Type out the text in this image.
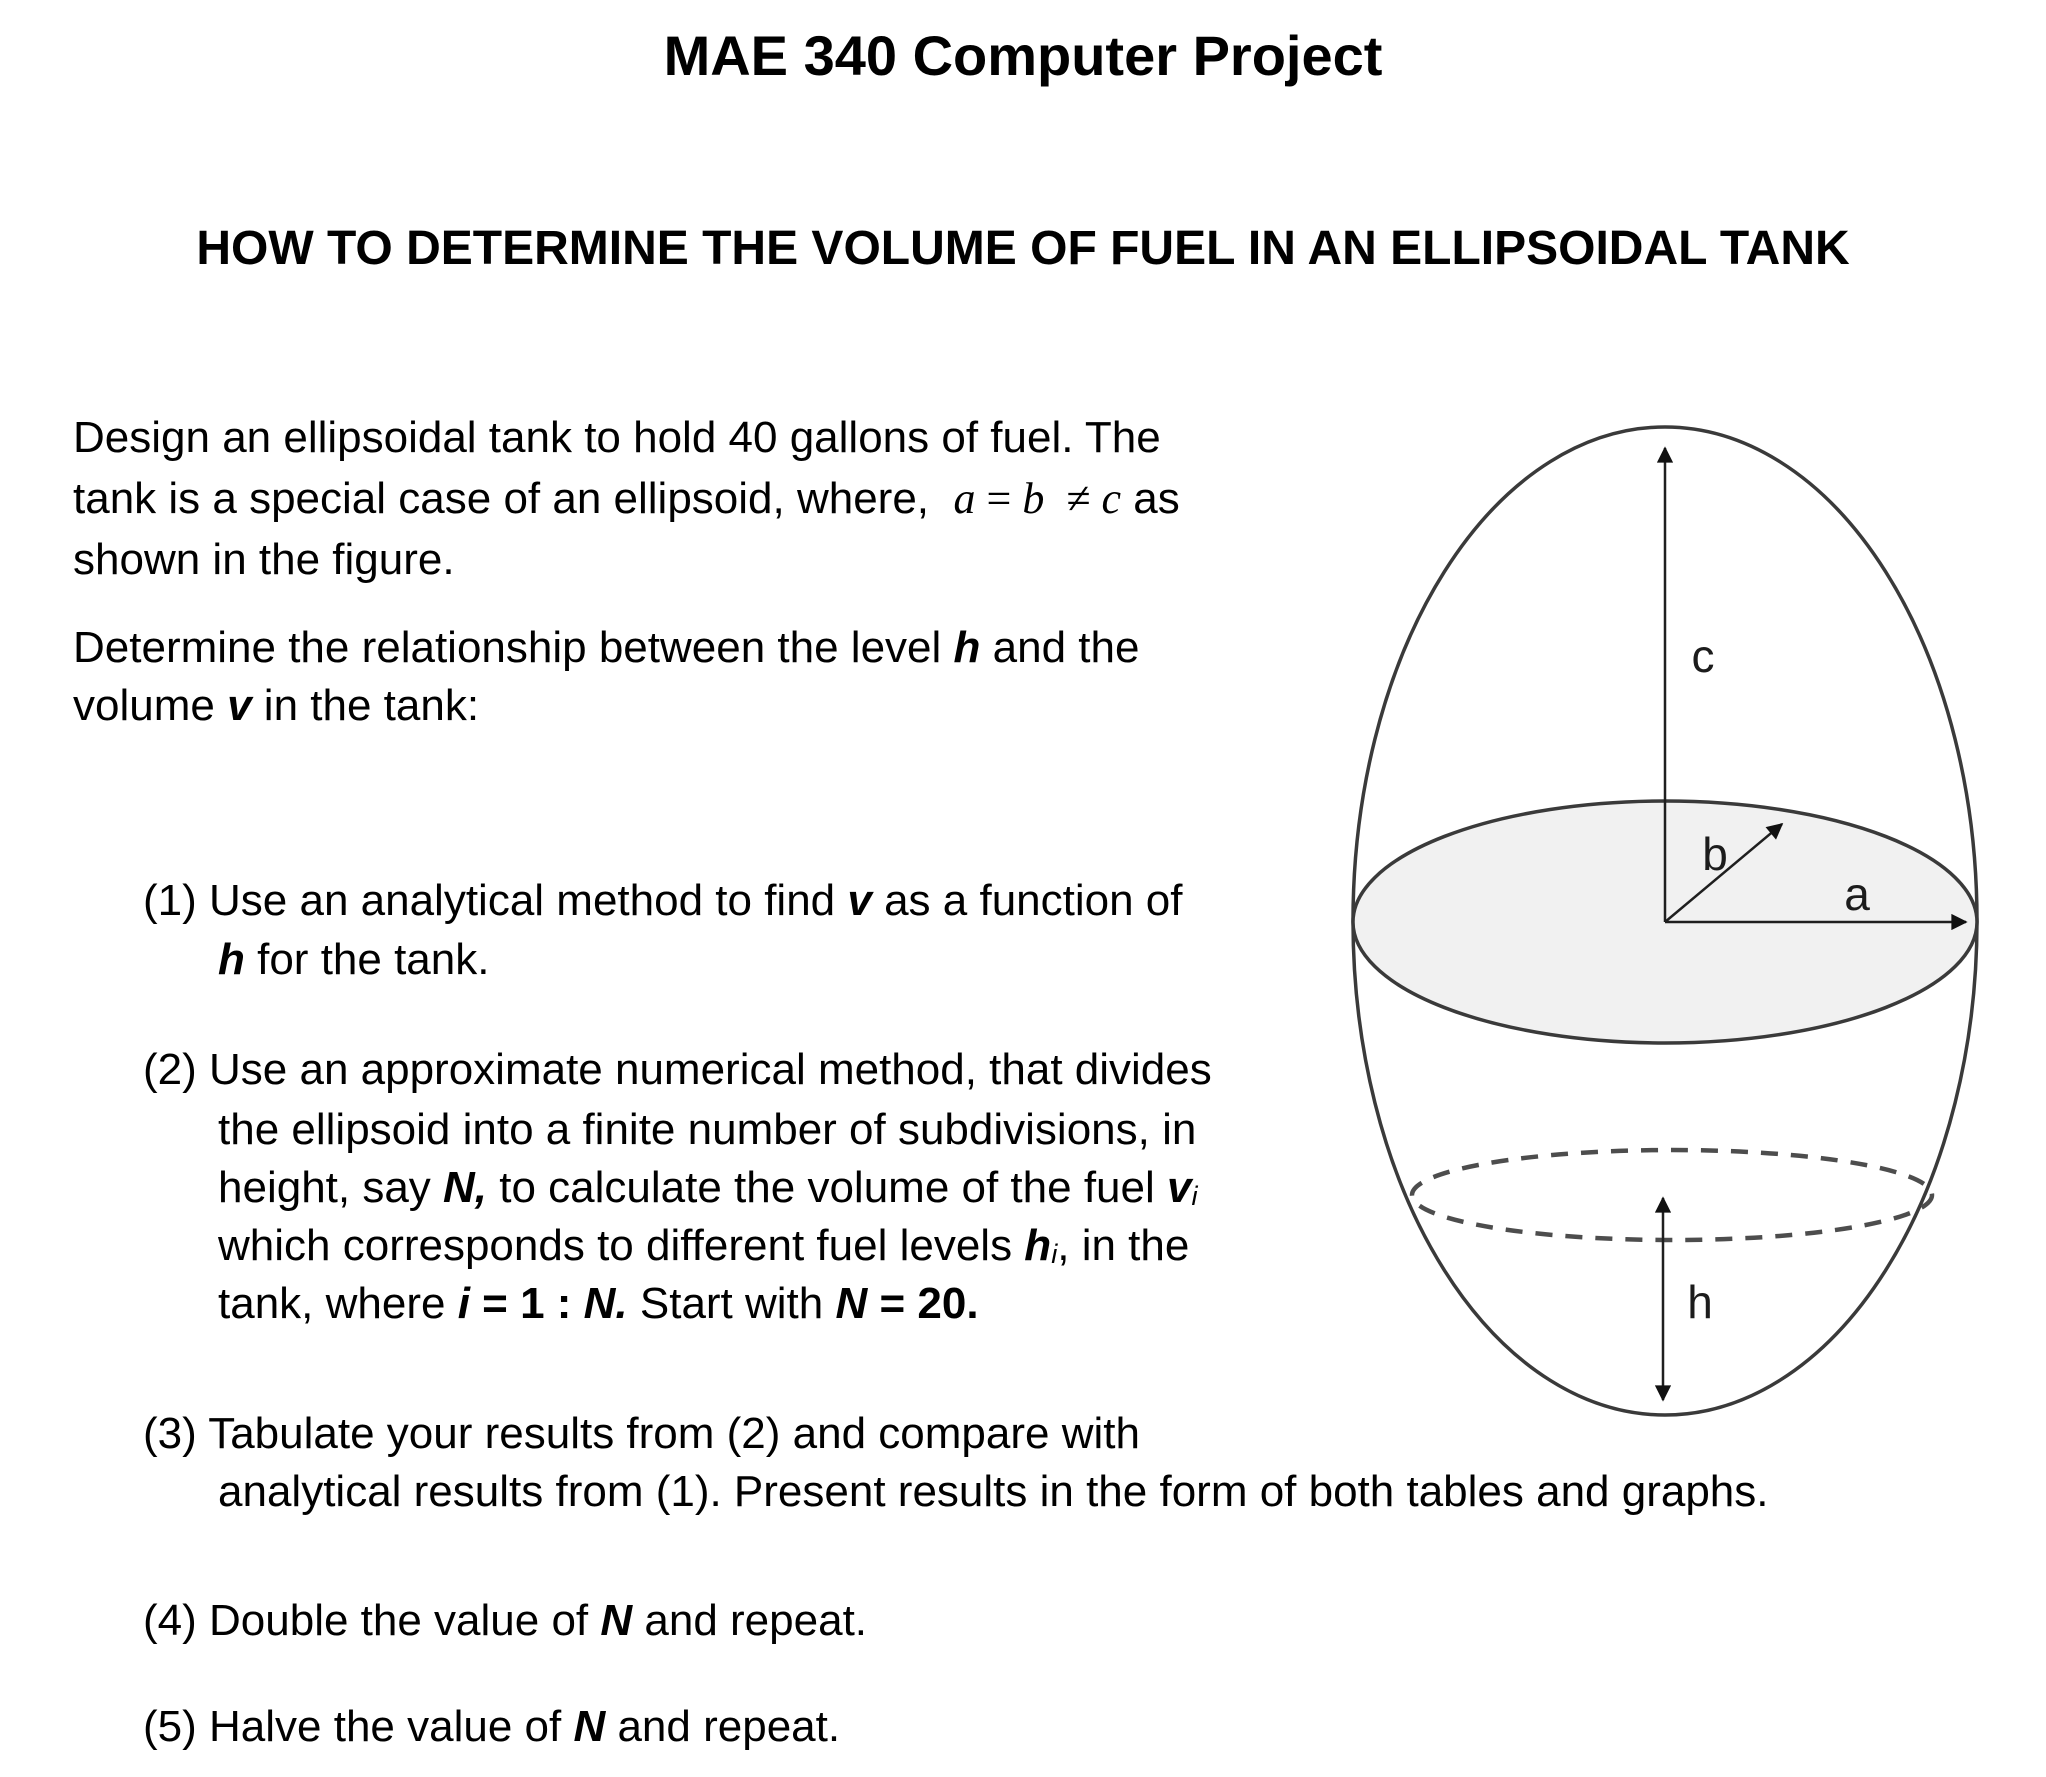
MAE 340 Computer Project
HOW TO DETERMINE THE VOLUME OF FUEL IN AN ELLIPSOIDAL TANK
Design an ellipsoidal tank to hold 40 gallons of fuel. The
tank is a special case of an ellipsoid, where,  a = b  ≠ c as
shown in the figure.
Determine the relationship between the level h and the
volume v in the tank:
(1) Use an analytical method to find v as a function of
h for the tank.
(2) Use an approximate numerical method, that divides
the ellipsoid into a finite number of subdivisions, in
height, say N, to calculate the volume of the fuel vi
which corresponds to different fuel levels hi, in the
tank, where i = 1 : N. Start with N = 20.
(3) Tabulate your results from (2) and compare with
analytical results from (1). Present results in the form of both tables and graphs.
(4) Double the value of N and repeat.
(5) Halve the value of N and repeat.
c
b
a
h
